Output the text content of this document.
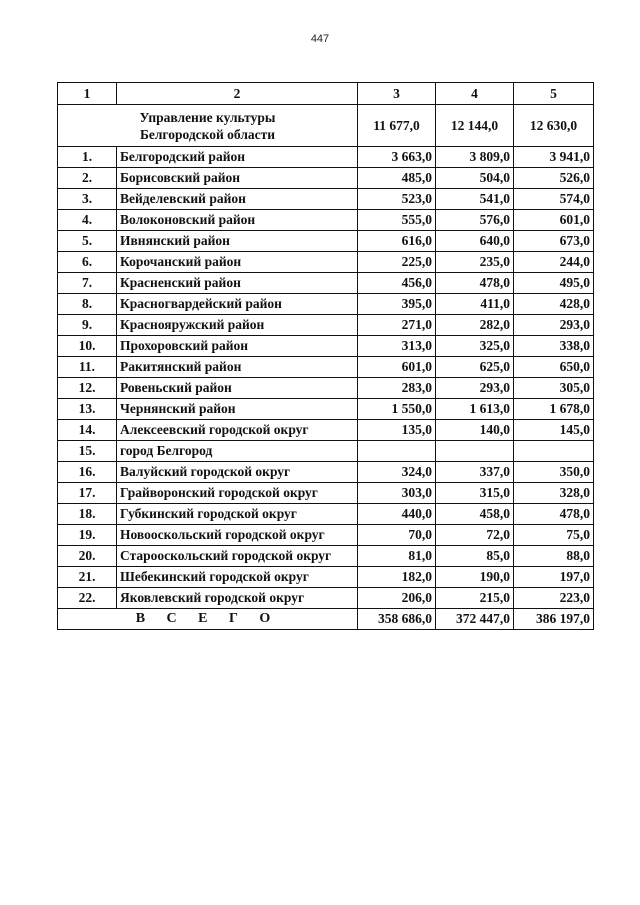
447
1	2	3	4	5
Управление культуры
Белгородской области		11 677,0	12 144,0	12 630,0
1.	Белгородский район	3 663,0	3 809,0	3 941,0
2.	Борисовский район	485,0	504,0	526,0
3.	Вейделевский район	523,0	541,0	574,0
4.	Волоконовский район	555,0	576,0	601,0
5.	Ивнянский район	616,0	640,0	673,0
6.	Корочанский район	225,0	235,0	244,0
7.	Красненский район	456,0	478,0	495,0
8.	Красногвардейский район	395,0	411,0	428,0
9.	Краснояружский район	271,0	282,0	293,0
10.	Прохоровский район	313,0	325,0	338,0
11.	Ракитянский район	601,0	625,0	650,0
12.	Ровеньский район	283,0	293,0	305,0
13.	Чернянский район	1 550,0	1 613,0	1 678,0
14.	Алексеевский городской округ	135,0	140,0	145,0
15.	город Белгород			
16.	Валуйский городской округ	324,0	337,0	350,0
17.	Грайворонский городской округ	303,0	315,0	328,0
18.	Губкинский городской округ	440,0	458,0	478,0
19.	Новооскольский городской округ	70,0	72,0	75,0
20.	Старооскольский городской округ	81,0	85,0	88,0
21.	Шебекинский городской округ	182,0	190,0	197,0
22.	Яковлевский городской округ	206,0	215,0	223,0
В С Е Г О		358 686,0	372 447,0	386 197,0
